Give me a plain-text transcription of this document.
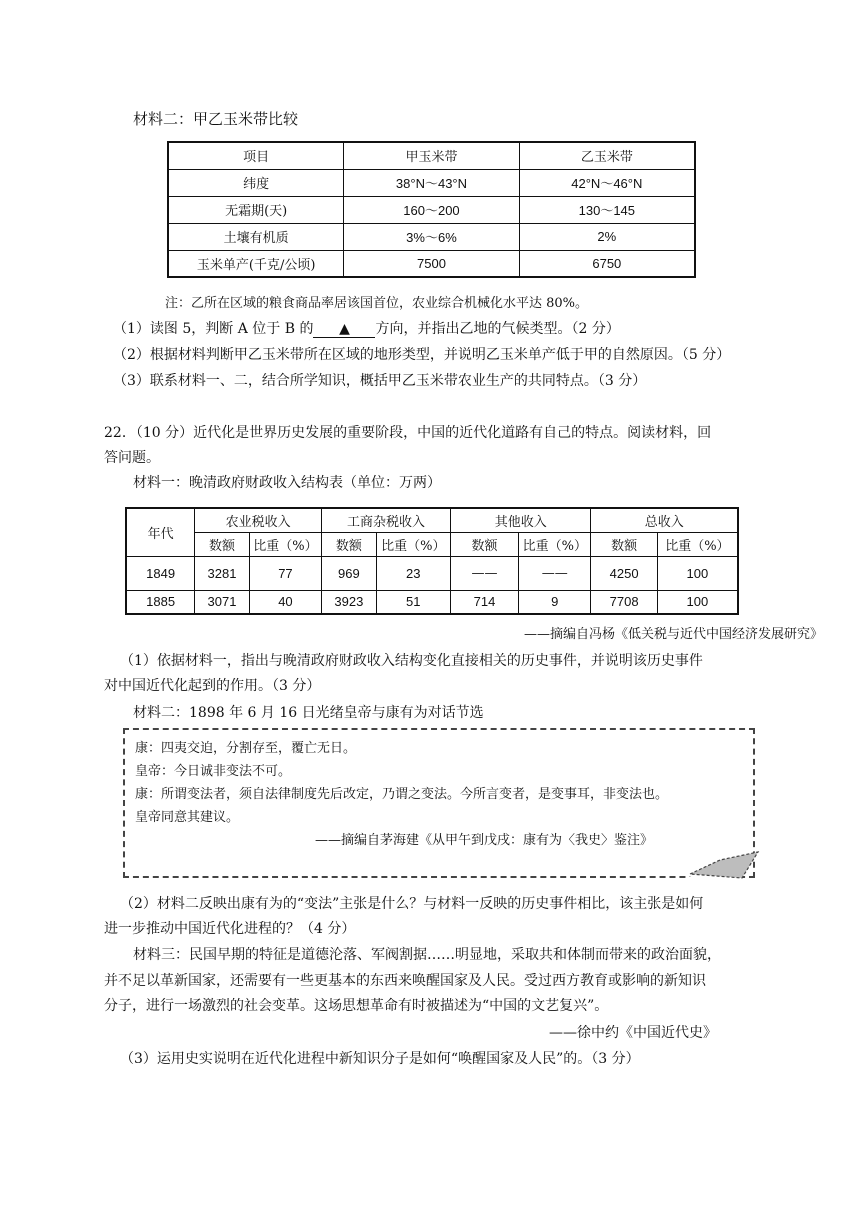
材料二：甲乙玉米带比较
项目	甲玉米带	乙玉米带
纬度	38°N～43°N	42°N～46°N
无霜期(天)	160～200	130～145
土壤有机质	3%～6%	2%
玉米单产(千克/公顷)	7500	6750
注：乙所在区域的粮食商品率居该国首位，农业综合机械化水平达 80%。
（1）读图 5，判断 A 位于 B 的 ▲ 方向，并指出乙地的气候类型。（2 分）
（2）根据材料判断甲乙玉米带所在区域的地形类型，并说明乙玉米单产低于甲的自然原因。（5 分）
（3）联系材料一、二，结合所学知识，概括甲乙玉米带农业生产的共同特点。（3 分）
22．（10 分）近代化是世界历史发展的重要阶段，中国的近代化道路有自己的特点。阅读材料，回
答问题。
材料一：晚清政府财政收入结构表（单位：万两）
年代	农业税收入		工商杂税收入		其他收入		总收入	
	数额	比重（%）	数额	比重（%）	数额	比重（%）	数额	比重（%）
1849	3281	77	969	23	——	——	4250	100
1885	3071	40	3923	51	714	9	7708	100
——摘编自冯杨《低关税与近代中国经济发展研究》
（1）依据材料一，指出与晚清政府财政收入结构变化直接相关的历史事件，并说明该历史事件
对中国近代化起到的作用。（3 分）
材料二：1898 年 6 月 16 日光绪皇帝与康有为对话节选
康：四夷交迫，分割存至，覆亡无日。
皇帝：今日诚非变法不可。
康：所谓变法者，须自法律制度先后改定，乃谓之变法。今所言变者，是变事耳，非变法也。
皇帝同意其建议。
——摘编自茅海建《从甲午到戊戌：康有为〈我史〉鉴注》
（2）材料二反映出康有为的“变法”主张是什么？与材料一反映的历史事件相比，该主张是如何
进一步推动中国近代化进程的？（4 分）
材料三：民国早期的特征是道德沦落、军阀割据……明显地，采取共和体制而带来的政治面貌，
并不足以革新国家，还需要有一些更基本的东西来唤醒国家及人民。受过西方教育或影响的新知识
分子，进行一场激烈的社会变革。这场思想革命有时被描述为“中国的文艺复兴”。
——徐中约《中国近代史》
（3）运用史实说明在近代化进程中新知识分子是如何“唤醒国家及人民”的。（3 分）
